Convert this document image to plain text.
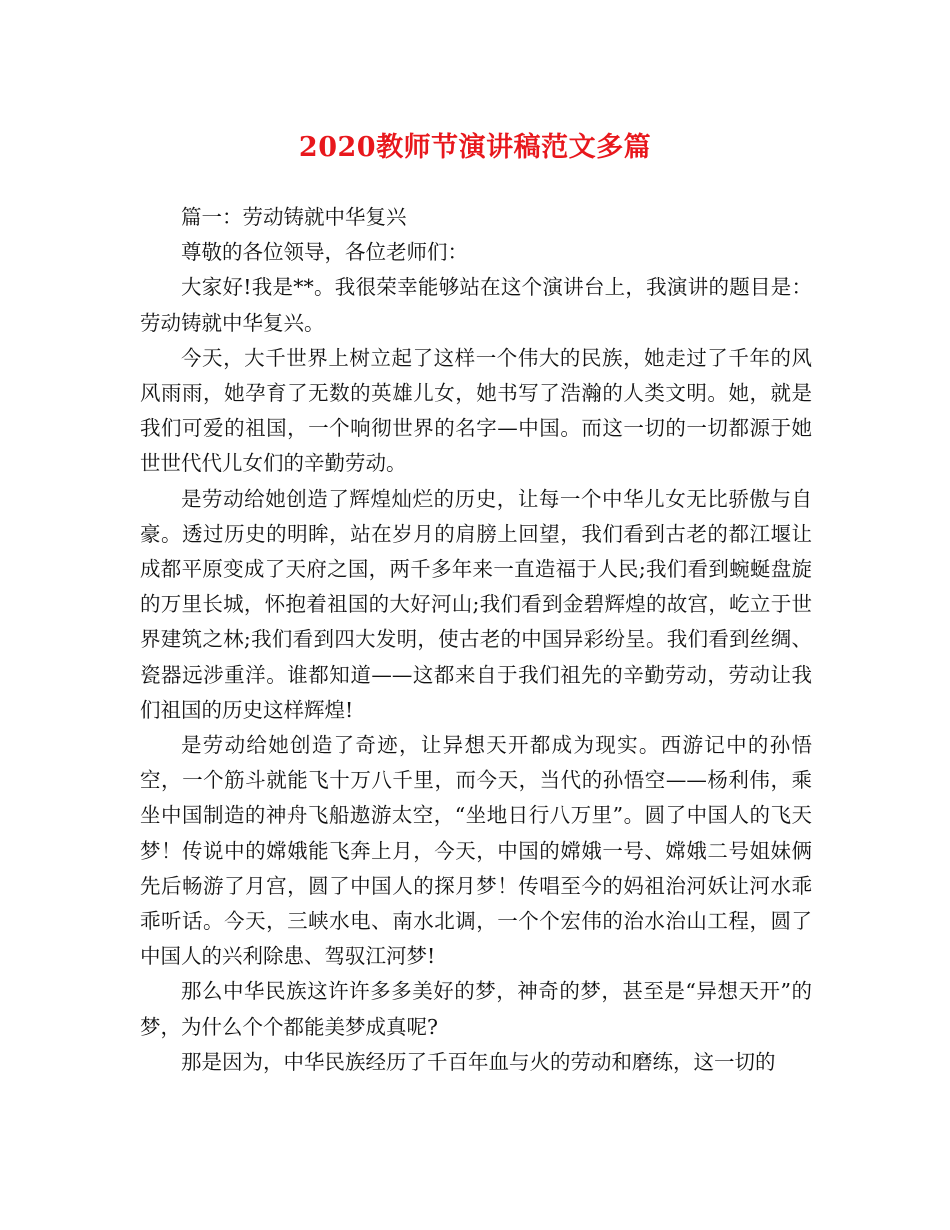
2020教师节演讲稿范文多篇

篇一：劳动铸就中华复兴

尊敬的各位领导，各位老师们：

大家好!我是**。我很荣幸能够站在这个演讲台上，我演讲的题目是：劳动铸就中华复兴。

今天，大千世界上树立起了这样一个伟大的民族，她走过了千年的风风雨雨，她孕育了无数的英雄儿女，她书写了浩瀚的人类文明。她，就是我们可爱的祖国，一个响彻世界的名字—中国。而这一切的一切都源于她世世代代儿女们的辛勤劳动。

是劳动给她创造了辉煌灿烂的历史，让每一个中华儿女无比骄傲与自豪。透过历史的明眸，站在岁月的肩膀上回望，我们看到古老的都江堰让成都平原变成了天府之国，两千多年来一直造福于人民;我们看到蜿蜒盘旋的万里长城，怀抱着祖国的大好河山;我们看到金碧辉煌的故宫，屹立于世界建筑之林;我们看到四大发明，使古老的中国异彩纷呈。我们看到丝绸、瓷器远涉重洋。谁都知道——这都来自于我们祖先的辛勤劳动，劳动让我们祖国的历史这样辉煌!

是劳动给她创造了奇迹，让异想天开都成为现实。西游记中的孙悟空，一个筋斗就能飞十万八千里，而今天，当代的孙悟空——杨利伟，乘坐中国制造的神舟飞船遨游太空，“坐地日行八万里”。圆了中国人的飞天梦！传说中的嫦娥能飞奔上月，今天，中国的嫦娥一号、嫦娥二号姐妹俩先后畅游了月宫，圆了中国人的探月梦！传唱至今的妈祖治河妖让河水乖乖听话。今天，三峡水电、南水北调，一个个宏伟的治水治山工程，圆了中国人的兴利除患、驾驭江河梦!

那么中华民族这许许多多美好的梦，神奇的梦，甚至是“异想天开”的梦，为什么个个都能美梦成真呢?

那是因为，中华民族经历了千百年血与火的劳动和磨练，这一切的
